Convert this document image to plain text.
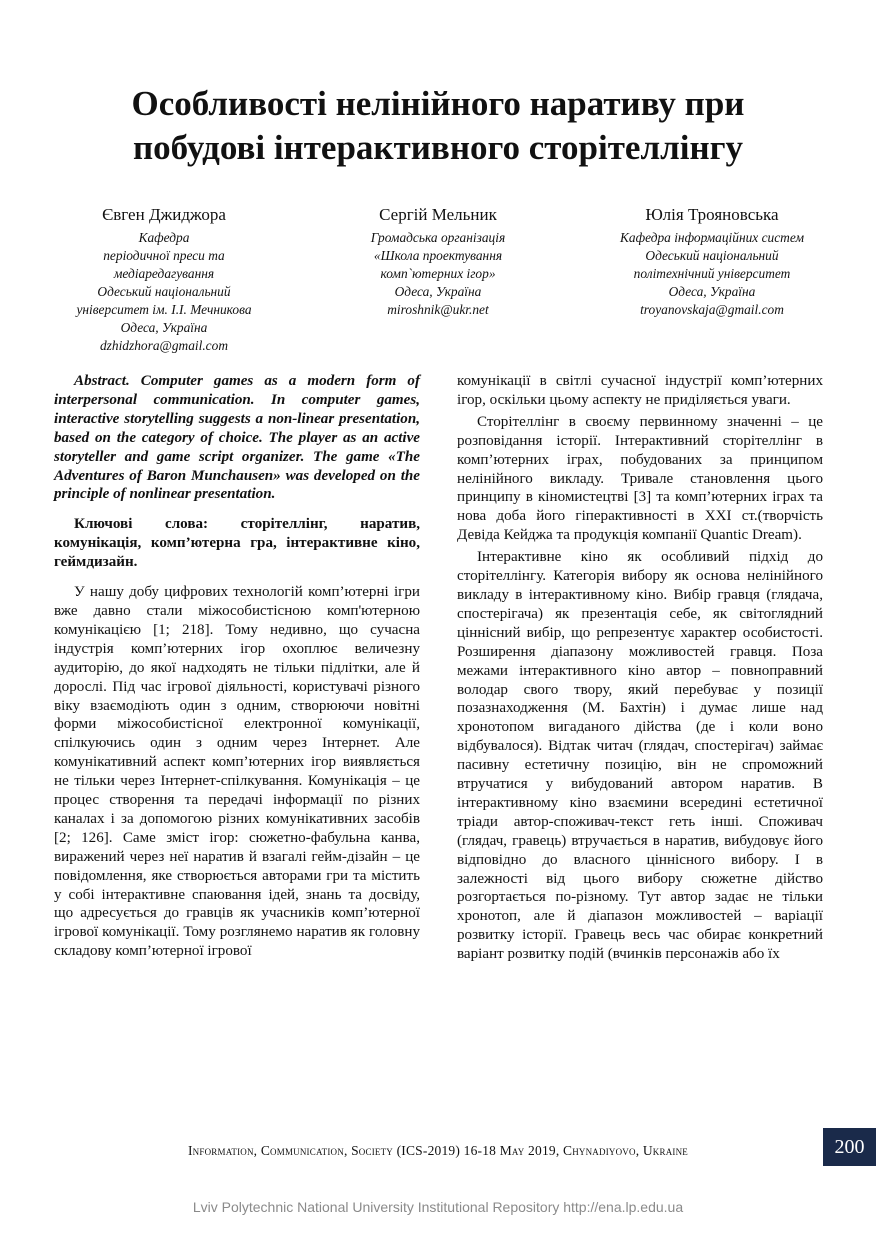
Особливості нелінійного наративу при
побудові інтерактивного сторітеллінгу
Євген Джиджора
Кафедра
періодичної преси та
медіаредагування
Одеський національний
університет ім. І.І. Мечникова
Одеса, Україна
dzhidzhora@gmail.com
Сергій Мельник
Громадська організація
«Школа проектування
комп`ютерних ігор»
Одеса, Україна
miroshnik@ukr.net
Юлія Трояновська
Кафедра інформаційних систем
Одеський національний
політехнічний університет
Одеса, Україна
troyanovskaja@gmail.com

Abstract. Computer games as a modern form of interpersonal communication. In computer games, interactive storytelling suggests a non-linear presentation, based on the category of choice. The player as an active storyteller and game script organizer. The game «The Adventures of Baron Munchausen» was developed on the principle of nonlinear presentation.

Ключові слова: сторітеллінг, наратив, комунікація, комп’ютерна гра, інтерактивне кіно, геймдизайн.

У нашу добу цифрових технологій комп’ютерні ігри вже давно стали міжособистісною комп'ютерною комунікацією [1; 218]. Тому недивно, що сучасна індустрія комп’ютерних ігор охоплює величезну аудиторію, до якої надходять не тільки підлітки, але й дорослі. Під час ігрової діяльності, користувачі різного віку взаємодіють один з одним, створюючи новітні форми міжособистісної електронної комунікації, спілкуючись один з одним через Інтернет. Але комунікативний аспект комп’ютерних ігор виявляється не тільки через Інтернет-спілкування. Комунікація – це процес створення та передачі інформації по різних каналах і за допомогою різних комунікативних засобів [2; 126]. Саме зміст ігор: сюжетно-фабульна канва, виражений через неї наратив й взагалі гейм-дізайн – це повідомлення, яке створюється авторами гри та містить у собі інтерактивне спаювання ідей, знань та досвіду, що адресується до гравців як учасників комп’ютерної ігрової комунікації. Тому розглянемо наратив як головну складову комп’ютерної ігрової

комунікації в світлі сучасної індустрії комп’ютерних ігор, оскільки цьому аспекту не приділяється уваги.

Сторітеллінг в своєму первинному значенні – це розповідання історії. Інтерактивний сторітеллінг в комп’ютерних іграх, побудованих за принципом нелінійного викладу. Тривале становлення цього принципу в кіномистецтві [3] та комп’ютерних іграх та нова доба його гіперактивності в XXI ст.(творчість Девіда Кейджа та продукція компанії Quantic Dream).

Інтерактивне кіно як особливий підхід до сторітеллінгу. Категорія вибору як основа нелінійного викладу в інтерактивному кіно. Вибір гравця (глядача, спостерігача) як презентація себе, як світоглядний ціннісний вибір, що репрезентує характер особистості. Розширення діапазону можливостей гравця. Поза межами інтерактивного кіно автор – повноправний володар свого твору, який перебуває у позиції позазнаходження (М. Бахтін) і думає лише над хронотопом вигаданого дійства (де і коли воно відбувалося). Відтак читач (глядач, спостерігач) займає пасивну естетичну позицію, він не спроможний втручатися у вибудований автором наратив. В інтерактивному кіно взаємини всередині естетичної тріади автор-споживач-текст геть інші. Споживач (глядач, гравець) втручається в наратив, вибудовує його відповідно до власного ціннісного вибору. І в залежності від цього вибору сюжетне дійство розгортається по-різному. Тут автор задає не тільки хронотоп, але й діапазон можливостей – варіації розвитку історії. Гравець весь час обирає конкретний варіант розвитку подій (вчинків персонажів або їх

Information, Communication, Society (ICS-2019) 16-18 May 2019, Chynadiyovo, Ukraine	200
Lviv Polytechnic National University Institutional Repository http://ena.lp.edu.ua
